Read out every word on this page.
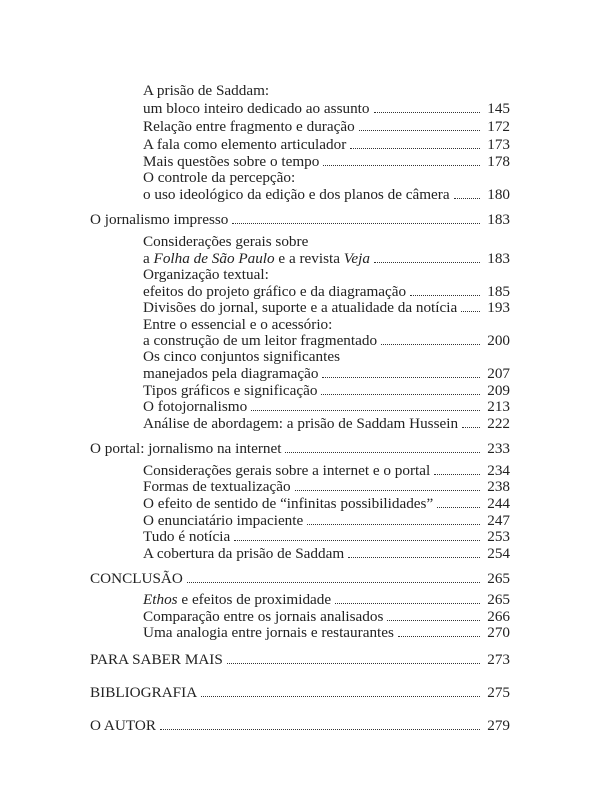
A prisão de Saddam:
um bloco inteiro dedicado ao assunto	145
Relação entre fragmento e duração	172
A fala como elemento articulador	173
Mais questões sobre o tempo	178
O controle da percepção:
o uso ideológico da edição e dos planos de câmera 180
O jornalismo impresso	183
Considerações gerais sobre
a Folha de São Paulo e a revista Veja	183
Organização textual:
efeitos do projeto gráfico e da diagramação	185
Divisões do jornal, suporte e a atualidade da notícia 193
Entre o essencial e o acessório:
a construção de um leitor fragmentado	200
Os cinco conjuntos significantes
manejados pela diagramação	207
Tipos gráficos e significação	209
O fotojornalismo	213
Análise de abordagem: a prisão de Saddam Hussein 222
O portal: jornalismo na internet	233
Considerações gerais sobre a internet e o portal	234
Formas de textualização	238
O efeito de sentido de “infinitas possibilidades”	244
O enunciatário impaciente	247
Tudo é notícia	253
A cobertura da prisão de Saddam	254
CONCLUSÃO	265
Ethos e efeitos de proximidade	265
Comparação entre os jornais analisados	266
Uma analogia entre jornais e restaurantes	270
PARA SABER MAIS	273
BIBLIOGRAFIA	275
O AUTOR	279
